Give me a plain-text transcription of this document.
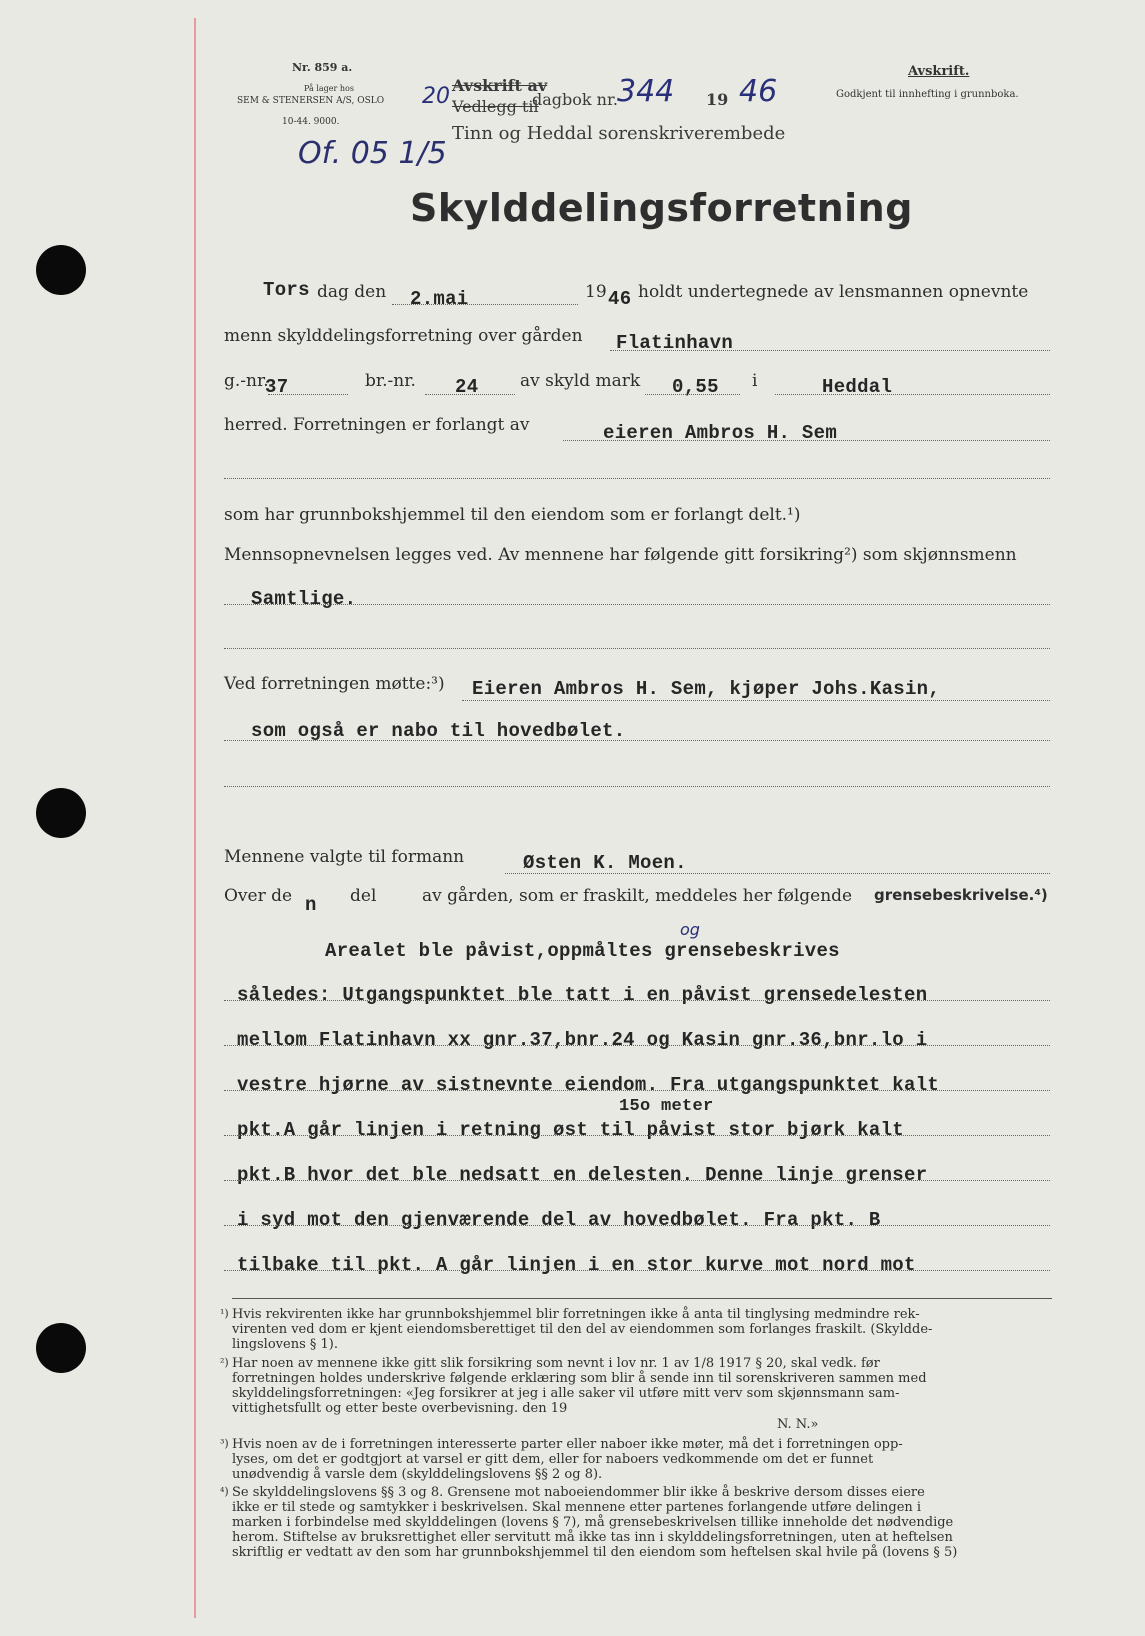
Nr. 859 a.
På lager hos
SEM & STENERSEN A/S, OSLO
10-44. 9000.
20
Of. 05 1/5
Avskrift av
Vedlegg til
dagbok nr. 344 19 46
Tinn og Heddal sorenskriverembede
Avskrift.
Godkjent til innhefting i grunnboka.
Skylddelingsforretning
Tors dag den 2.mai	19 46 holdt undertegnede av lensmannen opnevnte
menn skylddelingsforretning over gården Flatinhavn
g.-nr.
37	br.-nr. 24 av skyld mark 0,55 i	Heddal
herred. Forretningen er forlangt av	eieren Ambros H. Sem
som har grunnbokshjemmel til den eiendom som er forlangt delt.¹)
Mennsopnevnelsen legges ved. Av mennene har følgende gitt forsikring²) som skjønnsmenn
Samtlige.
Ved forretningen møtte:³) Eieren Ambros H. Sem, kjøper Johs.Kasin,
som også er nabo til hovedbølet.
Mennene valgte til formann	Østen K. Moen.
Over de n del	av gården, som er fraskilt, meddeles her følgende grensebeskrivelse.⁴)
Arealet ble påvist,oppmåltes grensebeskrives
og
således: Utgangspunktet ble tatt i en påvist grensedelesten
mellom Flatinhavn xx gnr.37,bnr.24 og Kasin gnr.36,bnr.lo i
vestre hjørne av sistnevnte eiendom. Fra utgangspunktet kalt
15o meter
pkt.A går linjen i retning øst til påvist stor bjørk kalt
pkt.B hvor det ble nedsatt en delesten. Denne linje grenser
i syd mot den gjenværende del av hovedbølet. Fra pkt. B
tilbake til pkt. A går linjen i en stor kurve mot nord mot
¹) Hvis rekvirenten ikke har grunnbokshjemmel blir forretningen ikke å anta til tinglysing medmindre rek-
virenten ved dom er kjent eiendomsberettiget til den del av eiendommen som forlanges fraskilt. (Skyldde-
lingslovens § 1).
²) Har noen av mennene ikke gitt slik forsikring som nevnt i lov nr. 1 av 1/8 1917 § 20, skal vedk. før
forretningen holdes underskrive følgende erklæring som blir å sende inn til sorenskriveren sammen med
skylddelingsforretningen: «Jeg forsikrer at jeg i alle saker vil utføre mitt verv som skjønnsmann sam-
vittighetsfullt og etter beste overbevisning. den 19
N. N.»
³) Hvis noen av de i forretningen interesserte parter eller naboer ikke møter, må det i forretningen opp-
lyses, om det er godtgjort at varsel er gitt dem, eller for naboers vedkommende om det er funnet
unødvendig å varsle dem (skylddelingslovens §§ 2 og 8).
⁴) Se skylddelingslovens §§ 3 og 8. Grensene mot naboeiendommer blir ikke å beskrive dersom disses eiere
ikke er til stede og samtykker i beskrivelsen. Skal mennene etter partenes forlangende utføre delingen i
marken i forbindelse med skylddelingen (lovens § 7), må grensebeskrivelsen tillike inneholde det nødvendige
herom. Stiftelse av bruksrettighet eller servitutt må ikke tas inn i skylddelingsforretningen, uten at heftelsen
skriftlig er vedtatt av den som har grunnbokshjemmel til den eiendom som heftelsen skal hvile på (lovens § 5)
